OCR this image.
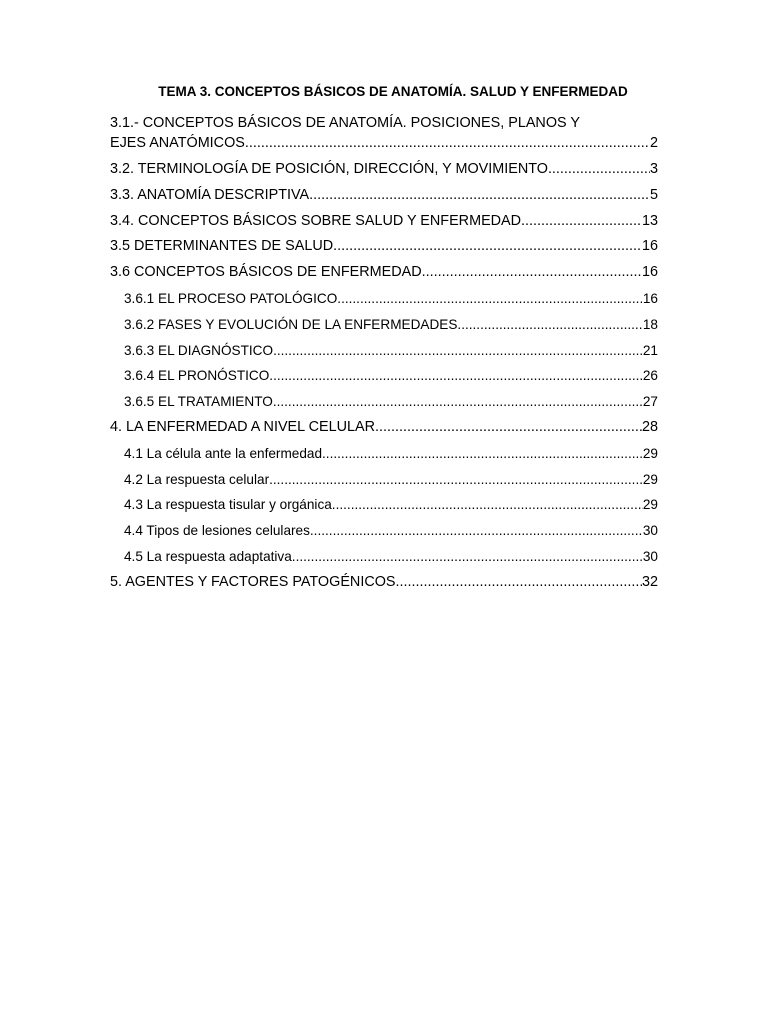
TEMA 3. CONCEPTOS BÁSICOS DE ANATOMÍA. SALUD Y ENFERMEDAD
3.1.- CONCEPTOS BÁSICOS DE ANATOMÍA. POSICIONES, PLANOS Y
EJES ANATÓMICOS .....	2
3.2. TERMINOLOGÍA DE POSICIÓN, DIRECCIÓN, Y MOVIMIENTO .....	3
3.3. ANATOMÍA DESCRIPTIVA .....	5
3.4. CONCEPTOS BÁSICOS SOBRE SALUD Y ENFERMEDAD. .....	13
3.5 DETERMINANTES DE SALUD .....	16
3.6 CONCEPTOS BÁSICOS DE ENFERMEDAD .....	16
3.6.1 EL PROCESO PATOLÓGICO. .....	16
3.6.2 FASES Y EVOLUCIÓN DE LA ENFERMEDADES .....	18
3.6.3 EL DIAGNÓSTICO .....	21
3.6.4 EL PRONÓSTICO .....	26
3.6.5 EL TRATAMIENTO .....	27
4. LA ENFERMEDAD A NIVEL CELULAR .....	28
4.1 La célula ante la enfermedad. .....	29
4.2 La respuesta celular .....	29
4.3 La respuesta tisular y orgánica. .....	29
4.4 Tipos de lesiones celulares .....	30
4.5 La respuesta adaptativa. .....	30
5. AGENTES Y FACTORES PATOGÉNICOS .....	32
